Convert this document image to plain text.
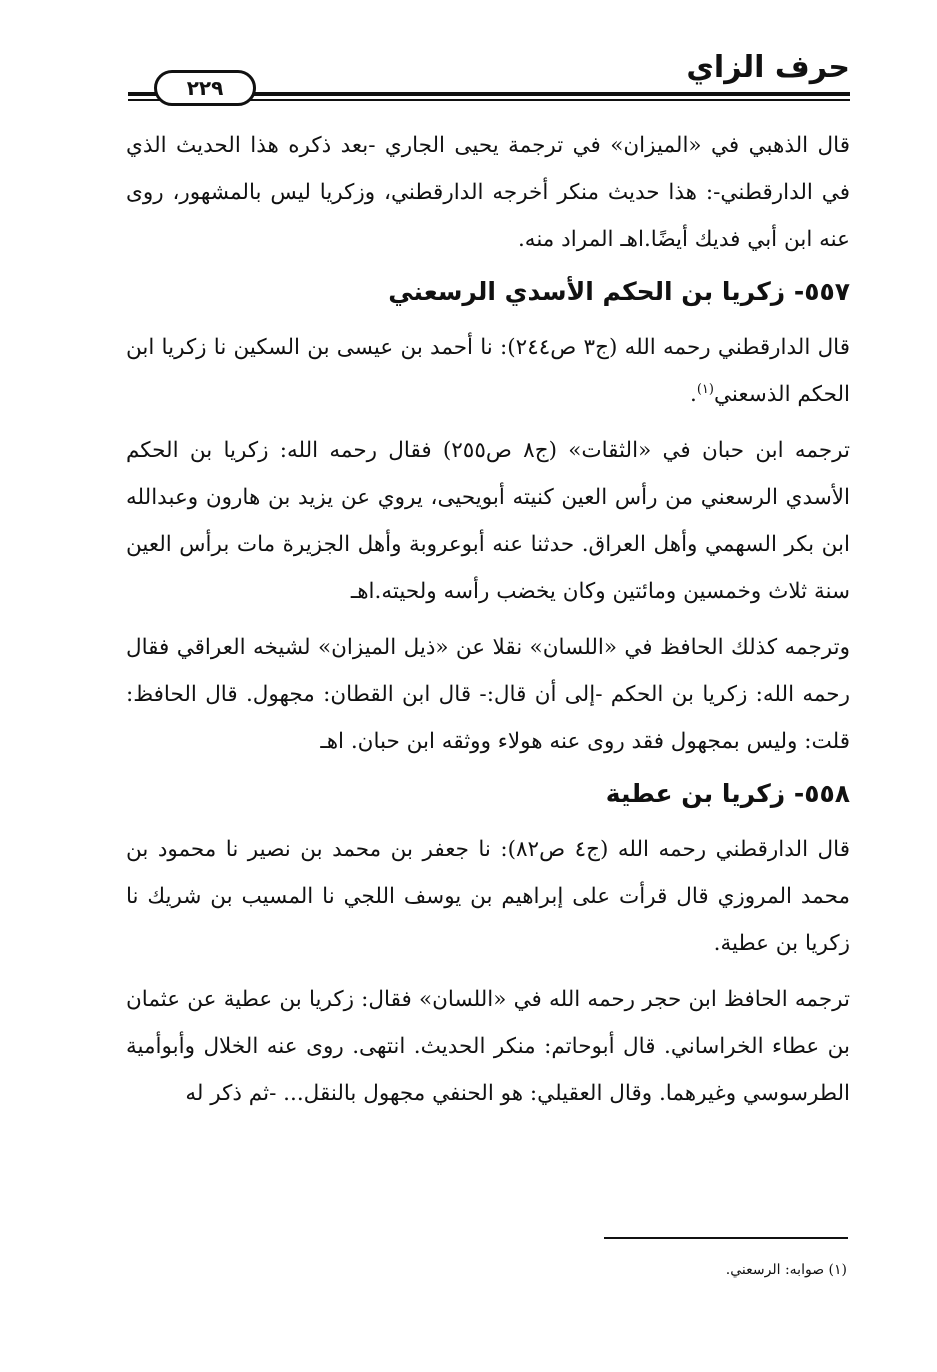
حرف الزاي
٢٢٩

قال الذهبي في «الميزان» في ترجمة يحيى الجاري -بعد ذكره هذا الحديث الذي في الدارقطني-: هذا حديث منكر أخرجه الدارقطني، وزكريا ليس بالمشهور، روى عنه ابن أبي فديك أيضًا.اهـ المراد منه.

٥٥٧- زكريا بن الحكم الأسدي الرسعني

قال الدارقطني رحمه الله (ج٣ ص٢٤٤): نا أحمد بن عيسى بن السكين نا زكريا ابن الحكم الذسعني$^{(١)}$.

ترجمه ابن حبان في «الثقات» (ج٨ ص٢٥٥) فقال رحمه الله: زكريا بن الحكم الأسدي الرسعني من رأس العين كنيته أبويحيى، يروي عن يزيد بن هارون وعبدالله ابن بكر السهمي وأهل العراق. حدثنا عنه أبوعروبة وأهل الجزيرة مات برأس العين سنة ثلاث وخمسين ومائتين وكان يخضب رأسه ولحيته.اهـ

وترجمه كذلك الحافظ في «اللسان» نقلا عن «ذيل الميزان» لشيخه العراقي فقال رحمه الله: زكريا بن الحكم -إلى أن قال:- قال ابن القطان: مجهول. قال الحافظ: قلت: وليس بمجهول فقد روى عنه هولاء ووثقه ابن حبان. اهـ

٥٥٨- زكريا بن عطية

قال الدارقطني رحمه الله (ج٤ ص٨٢): نا جعفر بن محمد بن نصير نا محمود بن محمد المروزي قال قرأت على إبراهيم بن يوسف اللجي نا المسيب بن شريك نا زكريا بن عطية.

ترجمه الحافظ ابن حجر رحمه الله في «اللسان» فقال: زكريا بن عطية عن عثمان بن عطاء الخراساني. قال أبوحاتم: منكر الحديث. انتهى. روى عنه الخلال وأبوأمية الطرسوسي وغيرهما. وقال العقيلي: هو الحنفي مجهول بالنقل... -ثم ذكر له

(١) صوابه: الرسعني.
